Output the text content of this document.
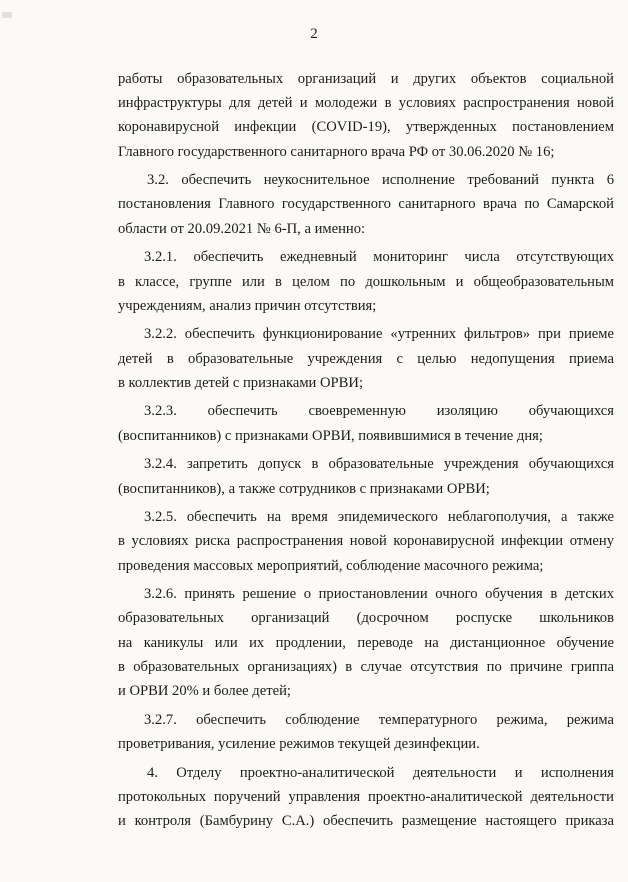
2
работы образовательных организаций и других объектов социальной
инфраструктуры для детей и молодежи в условиях распространения новой
коронавирусной инфекции (COVID-19), утвержденных постановлением
Главного государственного санитарного врача РФ от 30.06.2020 № 16;
3.2. обеспечить неукоснительное исполнение требований пункта 6
постановления Главного государственного санитарного врача по Самарской
области от 20.09.2021 № 6-П, а именно:
3.2.1. обеспечить ежедневный мониторинг числа отсутствующих
в классе, группе или в целом по дошкольным и общеобразовательным
учреждениям, анализ причин отсутствия;
3.2.2. обеспечить функционирование «утренних фильтров» при приеме
детей в образовательные учреждения с целью недопущения приема
в коллектив детей с признаками ОРВИ;
3.2.3. обеспечить своевременную изоляцию обучающихся
(воспитанников) с признаками ОРВИ, появившимися в течение дня;
3.2.4. запретить допуск в образовательные учреждения обучающихся
(воспитанников), а также сотрудников с признаками ОРВИ;
3.2.5. обеспечить на время эпидемического неблагополучия, а также
в условиях риска распространения новой коронавирусной инфекции отмену
проведения массовых мероприятий, соблюдение масочного режима;
3.2.6. принять решение о приостановлении очного обучения в детских
образовательных организаций (досрочном роспуске школьников
на каникулы или их продлении, переводе на дистанционное обучение
в образовательных организациях) в случае отсутствия по причине гриппа
и ОРВИ 20% и более детей;
3.2.7. обеспечить соблюдение температурного режима, режима
проветривания, усиление режимов текущей дезинфекции.
4. Отделу проектно-аналитической деятельности и исполнения
протокольных поручений управления проектно-аналитической деятельности
и контроля (Бамбурину С.А.) обеспечить размещение настоящего приказа
